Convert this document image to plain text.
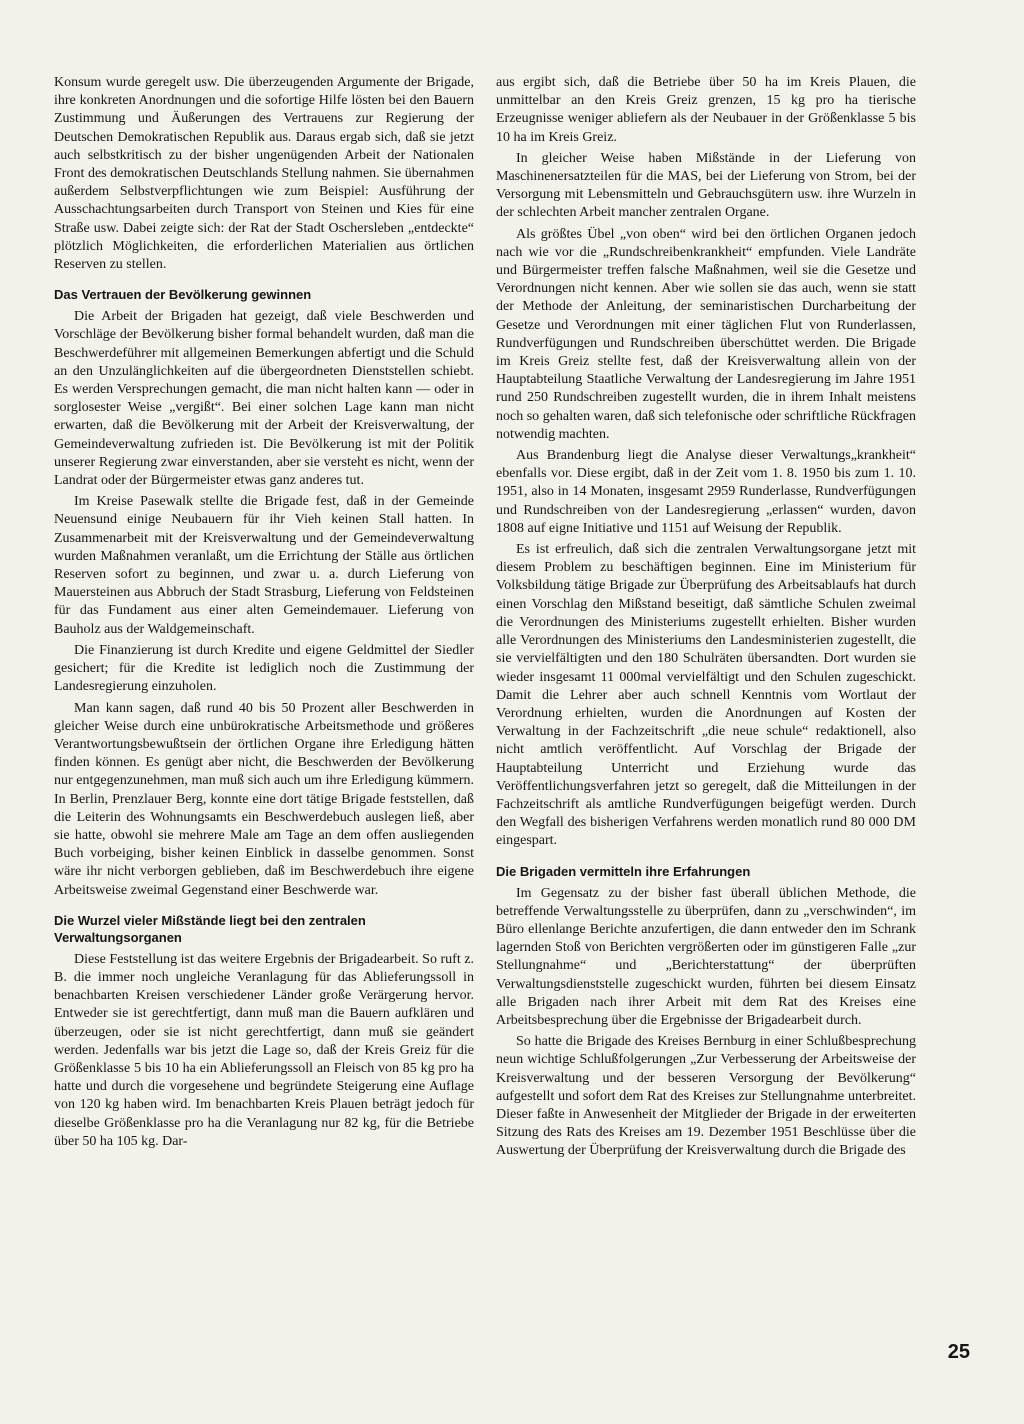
Konsum wurde geregelt usw. Die überzeugenden Argumente der Brigade, ihre konkreten Anordnungen und die sofortige Hilfe lösten bei den Bauern Zustimmung und Äußerungen des Vertrauens zur Regierung der Deutschen Demokratischen Republik aus. Daraus ergab sich, daß sie jetzt auch selbstkritisch zu der bisher ungenügenden Arbeit der Nationalen Front des demokratischen Deutschlands Stellung nahmen. Sie übernahmen außerdem Selbstverpflichtungen wie zum Beispiel: Ausführung der Ausschachtungsarbeiten durch Transport von Steinen und Kies für eine Straße usw. Dabei zeigte sich: der Rat der Stadt Oschersleben „entdeckte“ plötzlich Möglichkeiten, die erforderlichen Materialien aus örtlichen Reserven zu stellen.

Das Vertrauen der Bevölkerung gewinnen

Die Arbeit der Brigaden hat gezeigt, daß viele Beschwerden und Vorschläge der Bevölkerung bisher formal behandelt wurden, daß man die Beschwerdeführer mit allgemeinen Bemerkungen abfertigt und die Schuld an den Unzulänglichkeiten auf die übergeordneten Dienststellen schiebt. Es werden Versprechungen gemacht, die man nicht halten kann — oder in sorglosester Weise „vergißt“. Bei einer solchen Lage kann man nicht erwarten, daß die Bevölkerung mit der Arbeit der Kreisverwaltung, der Gemeindeverwaltung zufrieden ist. Die Bevölkerung ist mit der Politik unserer Regierung zwar einverstanden, aber sie versteht es nicht, wenn der Landrat oder der Bürgermeister etwas ganz anderes tut.

Im Kreise Pasewalk stellte die Brigade fest, daß in der Gemeinde Neuensund einige Neubauern für ihr Vieh keinen Stall hatten. In Zusammenarbeit mit der Kreisverwaltung und der Gemeindeverwaltung wurden Maßnahmen veranlaßt, um die Errichtung der Ställe aus örtlichen Reserven sofort zu beginnen, und zwar u. a. durch Lieferung von Mauersteinen aus Abbruch der Stadt Strasburg, Lieferung von Feldsteinen für das Fundament aus einer alten Gemeindemauer. Lieferung von Bauholz aus der Waldgemeinschaft.

Die Finanzierung ist durch Kredite und eigene Geldmittel der Siedler gesichert; für die Kredite ist lediglich noch die Zustimmung der Landesregierung einzuholen.

Man kann sagen, daß rund 40 bis 50 Prozent aller Beschwerden in gleicher Weise durch eine unbürokratische Arbeitsmethode und größeres Verantwortungsbewußtsein der örtlichen Organe ihre Erledigung hätten finden können. Es genügt aber nicht, die Beschwerden der Bevölkerung nur entgegenzunehmen, man muß sich auch um ihre Erledigung kümmern. In Berlin, Prenzlauer Berg, konnte eine dort tätige Brigade feststellen, daß die Leiterin des Wohnungsamts ein Beschwerdebuch auslegen ließ, aber sie hatte, obwohl sie mehrere Male am Tage an dem offen ausliegenden Buch vorbeiging, bisher keinen Einblick in dasselbe genommen. Sonst wäre ihr nicht verborgen geblieben, daß im Beschwerdebuch ihre eigene Arbeitsweise zweimal Gegenstand einer Beschwerde war.

Die Wurzel vieler Mißstände liegt bei den zentralen Verwaltungsorganen

Diese Feststellung ist das weitere Ergebnis der Brigadearbeit. So ruft z. B. die immer noch ungleiche Veranlagung für das Ablieferungssoll in benachbarten Kreisen verschiedener Länder große Verärgerung hervor. Entweder sie ist gerechtfertigt, dann muß man die Bauern aufklären und überzeugen, oder sie ist nicht gerechtfertigt, dann muß sie geändert werden. Jedenfalls war bis jetzt die Lage so, daß der Kreis Greiz für die Größenklasse 5 bis 10 ha ein Ablieferungssoll an Fleisch von 85 kg pro ha hatte und durch die vorgesehene und begründete Steigerung eine Auflage von 120 kg haben wird. Im benachbarten Kreis Plauen beträgt jedoch für dieselbe Größenklasse pro ha die Veranlagung nur 82 kg, für die Betriebe über 50 ha 105 kg. Dar-

aus ergibt sich, daß die Betriebe über 50 ha im Kreis Plauen, die unmittelbar an den Kreis Greiz grenzen, 15 kg pro ha tierische Erzeugnisse weniger abliefern als der Neubauer in der Größenklasse 5 bis 10 ha im Kreis Greiz.

In gleicher Weise haben Mißstände in der Lieferung von Maschinenersatzteilen für die MAS, bei der Lieferung von Strom, bei der Versorgung mit Lebensmitteln und Gebrauchsgütern usw. ihre Wurzeln in der schlechten Arbeit mancher zentralen Organe.

Als größtes Übel „von oben“ wird bei den örtlichen Organen jedoch nach wie vor die „Rundschreibenkrankheit“ empfunden. Viele Landräte und Bürgermeister treffen falsche Maßnahmen, weil sie die Gesetze und Verordnungen nicht kennen. Aber wie sollen sie das auch, wenn sie statt der Methode der Anleitung, der seminaristischen Durcharbeitung der Gesetze und Verordnungen mit einer täglichen Flut von Runderlassen, Rundverfügungen und Rundschreiben überschüttet werden. Die Brigade im Kreis Greiz stellte fest, daß der Kreisverwaltung allein von der Hauptabteilung Staatliche Verwaltung der Landesregierung im Jahre 1951 rund 250 Rundschreiben zugestellt wurden, die in ihrem Inhalt meistens noch so gehalten waren, daß sich telefonische oder schriftliche Rückfragen notwendig machten.

Aus Brandenburg liegt die Analyse dieser Verwaltungs„krankheit“ ebenfalls vor. Diese ergibt, daß in der Zeit vom 1. 8. 1950 bis zum 1. 10. 1951, also in 14 Monaten, insgesamt 2959 Runderlasse, Rundverfügungen und Rundschreiben von der Landesregierung „erlassen“ wurden, davon 1808 auf eigne Initiative und 1151 auf Weisung der Republik.

Es ist erfreulich, daß sich die zentralen Verwaltungsorgane jetzt mit diesem Problem zu beschäftigen beginnen. Eine im Ministerium für Volksbildung tätige Brigade zur Überprüfung des Arbeitsablaufs hat durch einen Vorschlag den Mißstand beseitigt, daß sämtliche Schulen zweimal die Verordnungen des Ministeriums zugestellt erhielten. Bisher wurden alle Verordnungen des Ministeriums den Landesministerien zugestellt, die sie vervielfältigten und den 180 Schulräten übersandten. Dort wurden sie wieder insgesamt 11 000mal vervielfältigt und den Schulen zugeschickt. Damit die Lehrer aber auch schnell Kenntnis vom Wortlaut der Verordnung erhielten, wurden die Anordnungen auf Kosten der Verwaltung in der Fachzeitschrift „die neue schule“ redaktionell, also nicht amtlich veröffentlicht. Auf Vorschlag der Brigade der Hauptabteilung Unterricht und Erziehung wurde das Veröffentlichungsverfahren jetzt so geregelt, daß die Mitteilungen in der Fachzeitschrift als amtliche Rundverfügungen beigefügt werden. Durch den Wegfall des bisherigen Verfahrens werden monatlich rund 80 000 DM eingespart.

Die Brigaden vermitteln ihre Erfahrungen

Im Gegensatz zu der bisher fast überall üblichen Methode, die betreffende Verwaltungsstelle zu überprüfen, dann zu „verschwinden“, im Büro ellenlange Berichte anzufertigen, die dann entweder den im Schrank lagernden Stoß von Berichten vergrößerten oder im günstigeren Falle „zur Stellungnahme“ und „Berichterstattung“ der überprüften Verwaltungsdienststelle zugeschickt wurden, führten bei diesem Einsatz alle Brigaden nach ihrer Arbeit mit dem Rat des Kreises eine Arbeitsbesprechung über die Ergebnisse der Brigadearbeit durch.

So hatte die Brigade des Kreises Bernburg in einer Schlußbesprechung neun wichtige Schlußfolgerungen „Zur Verbesserung der Arbeitsweise der Kreisverwaltung und der besseren Versorgung der Bevölkerung“ aufgestellt und sofort dem Rat des Kreises zur Stellungnahme unterbreitet. Dieser faßte in Anwesenheit der Mitglieder der Brigade in der erweiterten Sitzung des Rats des Kreises am 19. Dezember 1951 Beschlüsse über die Auswertung der Überprüfung der Kreisverwaltung durch die Brigade des

25
